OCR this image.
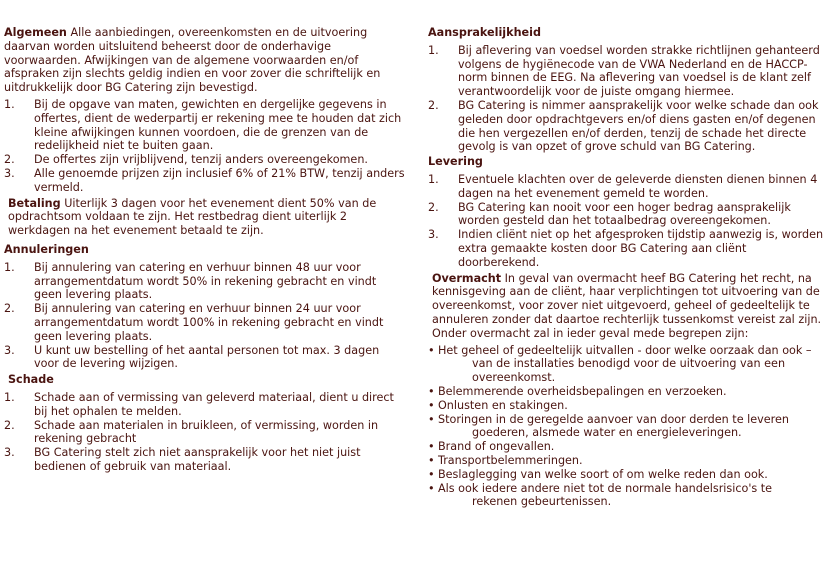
Algemeen Alle aanbiedingen, overeenkomsten en de uitvoering daarvan worden uitsluitend beheerst door de onderhavige voorwaarden. Afwijkingen van de algemene voorwaarden en/of afspraken zijn slechts geldig indien en voor zover die schriftelijk en uitdrukkelijk door BG Catering zijn bevestigd.

1. Bij de opgave van maten, gewichten en dergelijke gegevens in offertes, dient de wederpartij er rekening mee te houden dat zich kleine afwijkingen kunnen voordoen, die de grenzen van de redelijkheid niet te buiten gaan.
2. De offertes zijn vrijblijvend, tenzij anders overeengekomen.
3. Alle genoemde prijzen zijn inclusief 6% of 21% BTW, tenzij anders vermeld.

Betaling Uiterlijk 3 dagen voor het evenement dient 50% van de opdrachtsom voldaan te zijn. Het restbedrag dient uiterlijk 2 werkdagen na het evenement betaald te zijn.

Annuleringen
1. Bij annulering van catering en verhuur binnen 48 uur voor arrangementdatum wordt 50% in rekening gebracht en vindt geen levering plaats.
2. Bij annulering van catering en verhuur binnen 24 uur voor arrangementdatum wordt 100% in rekening gebracht en vindt geen levering plaats.
3. U kunt uw bestelling of het aantal personen tot max. 3 dagen voor de levering wijzigen.
Schade
1. Schade aan of vermissing van geleverd materiaal, dient u direct bij het ophalen te melden.
2. Schade aan materialen in bruikleen, of vermissing, worden in rekening gebracht
3. BG Catering stelt zich niet aansprakelijk voor het niet juist bedienen of gebruik van materiaal.
Aansprakelijkheid
1. Bij aflevering van voedsel worden strakke richtlijnen gehanteerd volgens de hygiënecode van de VWA Nederland en de HACCP-norm binnen de EEG. Na aflevering van voedsel is de klant zelf verantwoordelijk voor de juiste omgang hiermee.
2. BG Catering is nimmer aansprakelijk voor welke schade dan ook geleden door opdrachtgevers en/of diens gasten en/of degenen die hen vergezellen en/of derden, tenzij de schade het directe gevolg is van opzet of grove schuld van BG Catering.
Levering
1. Eventuele klachten over de geleverde diensten dienen binnen 4 dagen na het evenement gemeld te worden.
2. BG Catering kan nooit voor een hoger bedrag aansprakelijk worden gesteld dan het totaalbedrag overeengekomen.
3. Indien cliënt niet op het afgesproken tijdstip aanwezig is, worden extra gemaakte kosten door BG Catering aan cliënt doorberekend.

Overmacht In geval van overmacht heef BG Catering het recht, na kennisgeving aan de cliënt, haar verplichtingen tot uitvoering van de overeenkomst, voor zover niet uitgevoerd, geheel of gedeeltelijk te annuleren zonder dat daartoe rechterlijk tussenkomst vereist zal zijn. Onder overmacht zal in ieder geval mede begrepen zijn:

• Het geheel of gedeeltelijk uitvallen - door welke oorzaak dan ook –
van de installaties benodigd voor de uitvoering van een overeenkomst.
• Belemmerende overheidsbepalingen en verzoeken.
• Onlusten en stakingen.
• Storingen in de geregelde aanvoer van door derden te leveren
goederen, alsmede water en energieleveringen.
• Brand of ongevallen.
• Transportbelemmeringen.
• Beslaglegging van welke soort of om welke reden dan ook.
• Als ook iedere andere niet tot de normale handelsrisico's te
rekenen gebeurtenissen.
